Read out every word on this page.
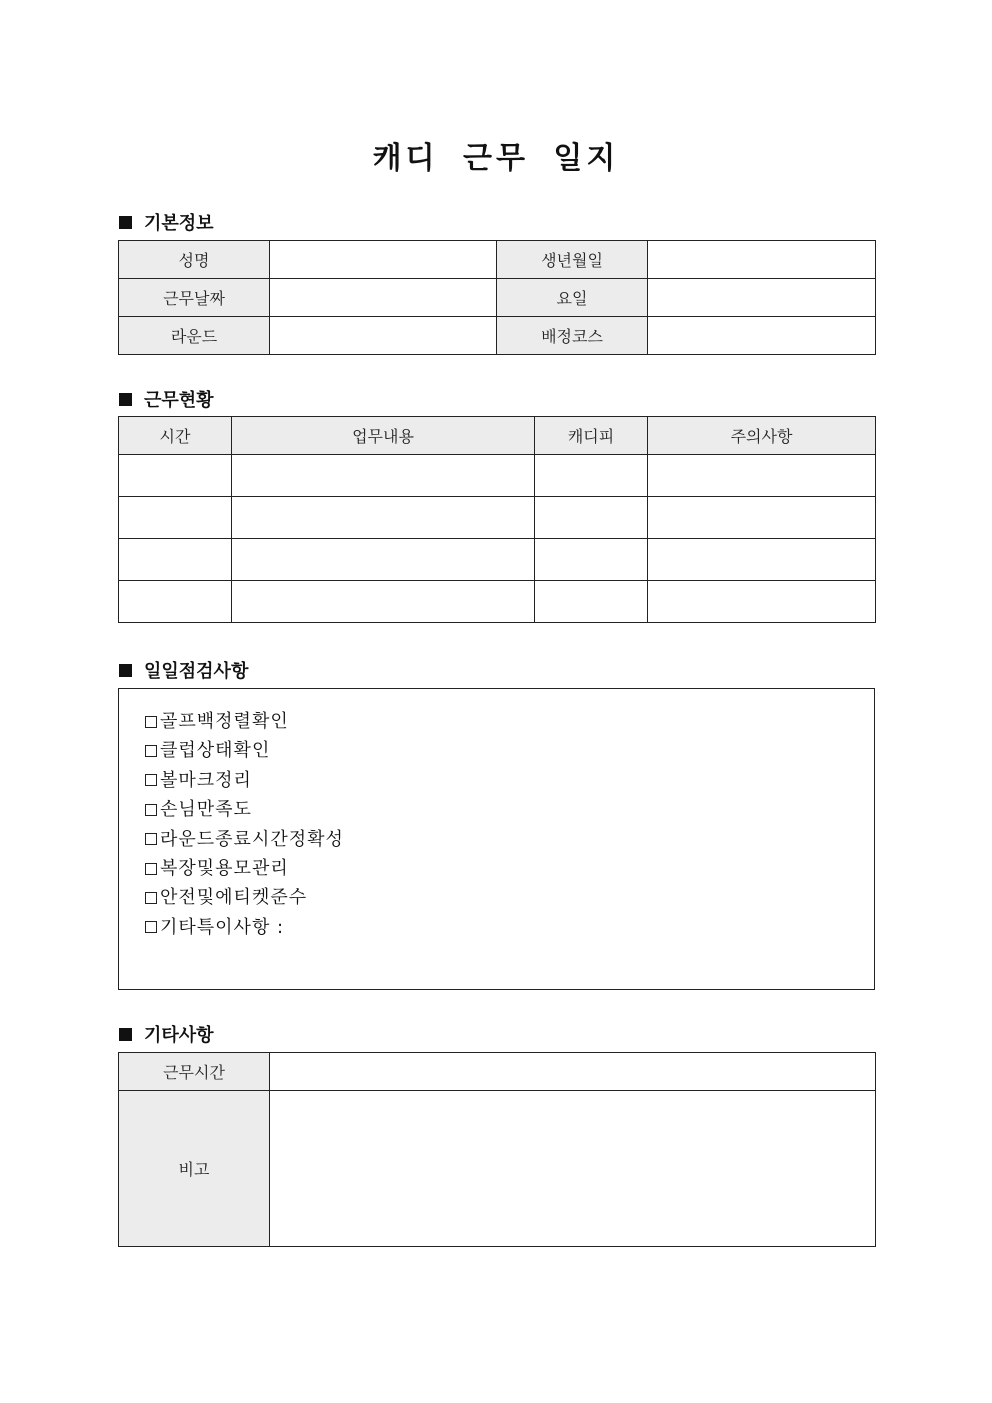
캐디 근무 일지
기본정보
성명		생년월일	
근무날짜		요일	
라운드		배정코스	
근무현황
시간	업무내용	캐디피	주의사항

일일점검사항
골프백정렬확인
클럽상태확인
볼마크정리
손님만족도
라운드종료시간정확성
복장및용모관리
안전및에티켓준수
기타특이사항 :
기타사항
근무시간	
비고	
